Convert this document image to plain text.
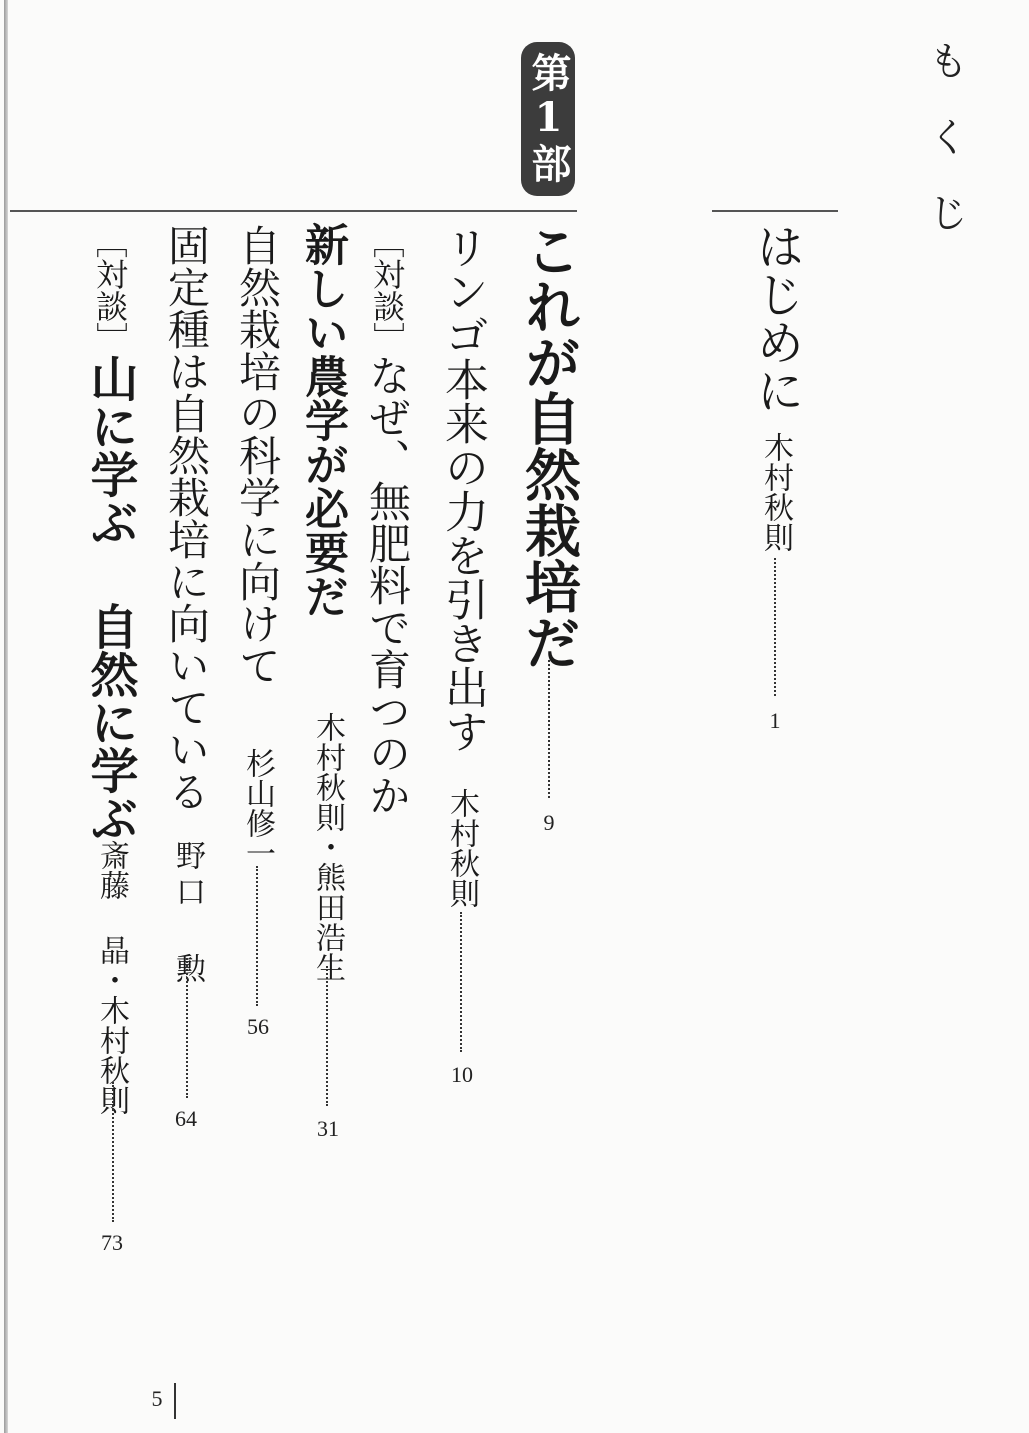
もくじ
はじめに
木村秋則
1
第1部
これが自然栽培だ
9
リンゴ本来の力を引き出す
木村秋則
10
［対談］なぜ、無肥料で育つのか
新しい農学が必要だ
木村秋則・熊田浩生
31
自然栽培の科学に向けて
杉山修一
56
固定種は自然栽培に向いている
野口 勲
64
［対談］山に学ぶ 自然に学ぶ
斎藤 晶・木村秋則
73
5
